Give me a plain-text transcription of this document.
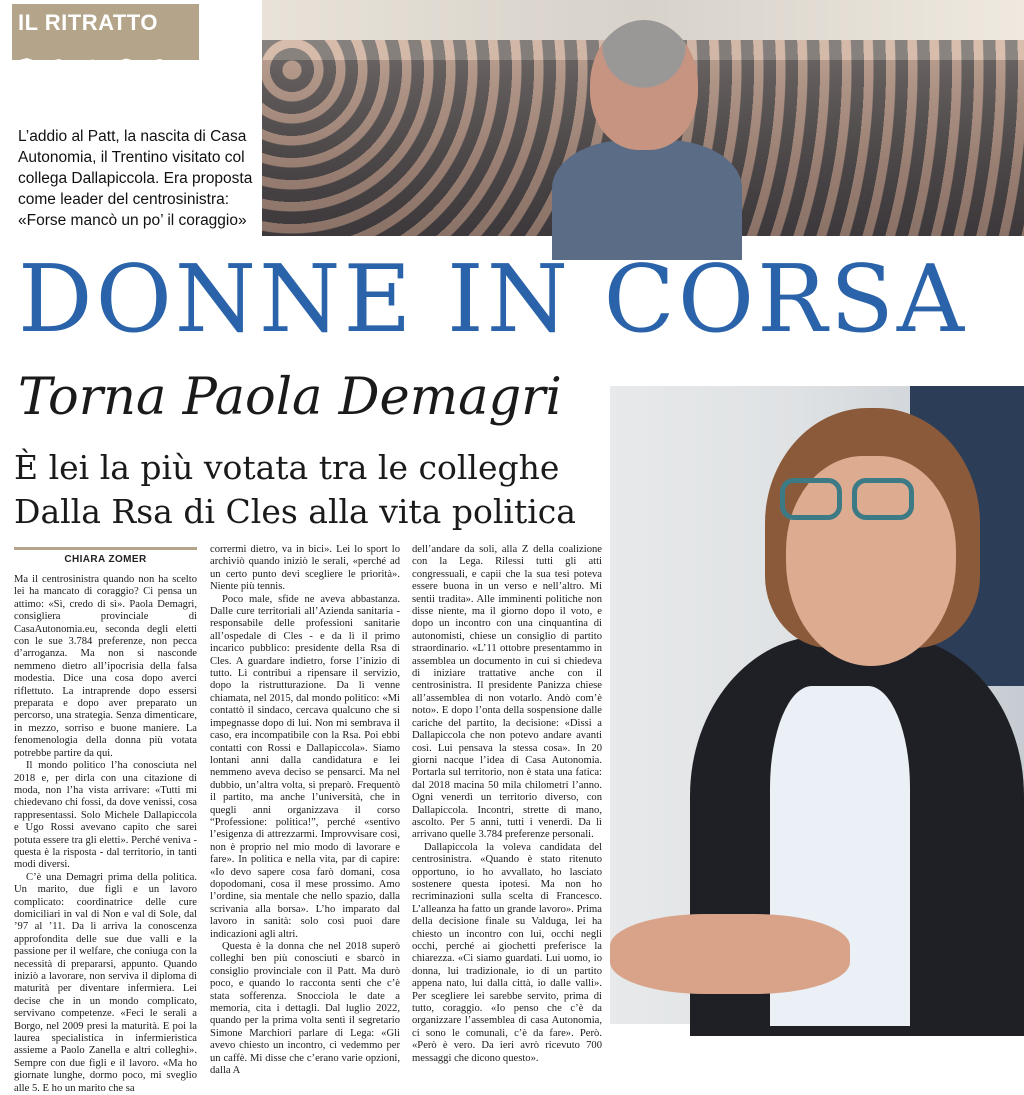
IL RITRATTO
L’addio al Patt, la nascita di Casa Autonomia, il Trentino visitato col collega Dallapiccola. Era proposta come leader del centrosinistra: «Forse mancò un po’ il coraggio»
DONNE IN CORSA
Torna Paola Demagri
È lei la più votata tra le colleghe
Dalla Rsa di Cles alla vita politica
CHIARA ZOMER

Ma il centrosinistra quando non ha scelto lei ha mancato di coraggio? Ci pensa un attimo: «Sì, credo di sì». Paola Demagri, consigliera provinciale di CasaAutonomia.eu, seconda degli eletti con le sue 3.784 preferenze, non pecca d’arroganza. Ma non si nasconde nemmeno dietro all’ipocrisia della falsa modestia. Dice una cosa dopo averci riflettuto. La intraprende dopo essersi preparata e dopo aver preparato un percorso, una strategia. Senza dimenticare, in mezzo, sorriso e buone maniere. La fenomenologia della donna più votata potrebbe partire da qui.

Il mondo politico l’ha conosciuta nel 2018 e, per dirla con una citazione di moda, non l’ha vista arrivare: «Tutti mi chiedevano chi fossi, da dove venissi, cosa rappresentassi. Solo Michele Dallapiccola e Ugo Rossi avevano capito che sarei potuta essere tra gli eletti». Perché veniva - questa è la risposta - dal territorio, in tanti modi diversi.

C’è una Demagri prima della politica. Un marito, due figli e un lavoro complicato: coordinatrice delle cure domiciliari in val di Non e val di Sole, dal ’97 al ’11. Da lì arriva la conoscenza approfondita delle sue due valli e la passione per il welfare, che coniuga con la necessità di prepararsi, appunto. Quando iniziò a lavorare, non serviva il diploma di maturità per diventare infermiera. Lei decise che in un mondo complicato, servivano competenze. «Feci le serali a Borgo, nel 2009 presi la maturità. E poi la laurea specialistica in infermieristica assieme a Paolo Zanella e altri colleghi». Sempre con due figli e il lavoro. «Ma ho giornate lunghe, dormo poco, mi sveglio alle 5. E ho un marito che sa

corrermi dietro, va in bici». Lei lo sport lo archiviò quando iniziò le serali, «perché ad un certo punto devi scegliere le priorità». Niente più tennis.

Poco male, sfide ne aveva abbastanza. Dalle cure territoriali all’Azienda sanitaria - responsabile delle professioni sanitarie all’ospedale di Cles - e da lì il primo incarico pubblico: presidente della Rsa di Cles. A guardare indietro, forse l’inizio di tutto. Lì contribuì a ripensare il servizio, dopo la ristrutturazione. Da lì venne chiamata, nel 2015, dal mondo politico: «Mi contattò il sindaco, cercava qualcuno che si impegnasse dopo di lui. Non mi sembrava il caso, era incompatibile con la Rsa. Poi ebbi contatti con Rossi e Dallapiccola». Siamo lontani anni dalla candidatura e lei nemmeno aveva deciso se pensarci. Ma nel dubbio, un’altra volta, si preparò. Frequentò il partito, ma anche l’università, che in quegli anni organizzava il corso “Professione: politica!”, perché «sentivo l’esigenza di attrezzarmi. Improvvisare così, non è proprio nel mio modo di lavorare e fare». In politica e nella vita, par di capire: «Io devo sapere cosa farò domani, cosa dopodomani, cosa il mese prossimo. Amo l’ordine, sia mentale che nello spazio, dalla scrivania alla borsa». L’ho imparato dal lavoro in sanità: solo così puoi dare indicazioni agli altri.

Questa è la donna che nel 2018 superò colleghi ben più conosciuti e sbarcò in consiglio provinciale con il Patt. Ma durò poco, e quando lo racconta senti che c’è stata sofferenza. Snocciola le date a memoria, cita i dettagli. Dal luglio 2022, quando per la prima volta sentì il segretario Simone Marchiori parlare di Lega: «Gli avevo chiesto un incontro, ci vedemmo per un caffè. Mi disse che c’erano varie opzioni, dalla A

dell’andare da soli, alla Z della coalizione con la Lega. Rilessi tutti gli atti congressuali, e capii che la sua tesi poteva essere buona in un verso e nell’altro. Mi sentii tradita». Alle imminenti politiche non disse niente, ma il giorno dopo il voto, e dopo un incontro con una cinquantina di autonomisti, chiese un consiglio di partito straordinario. «L’11 ottobre presentammo in assemblea un documento in cui si chiedeva di iniziare trattative anche con il centrosinistra. Il presidente Panizza chiese all’assemblea di non votarlo. Andò com’è noto». E dopo l’onta della sospensione dalle cariche del partito, la decisione: «Dissi a Dallapiccola che non potevo andare avanti così. Lui pensava la stessa cosa». In 20 giorni nacque l’idea di Casa Autonomia. Portarla sul territorio, non è stata una fatica: dal 2018 macina 50 mila chilometri l’anno. Ogni venerdì un territorio diverso, con Dallapiccola. Incontri, strette di mano, ascolto. Per 5 anni, tutti i venerdì. Da lì arrivano quelle 3.784 preferenze personali.

Dallapiccola la voleva candidata del centrosinistra. «Quando è stato ritenuto opportuno, io ho avvallato, ho lasciato sostenere questa ipotesi. Ma non ho recriminazioni sulla scelta di Francesco. L’alleanza ha fatto un grande lavoro». Prima della decisione finale su Valduga, lei ha chiesto un incontro con lui, occhi negli occhi, perché ai giochetti preferisce la chiarezza. «Ci siamo guardati. Lui uomo, io donna, lui tradizionale, io di un partito appena nato, lui dalla città, io dalle valli». Per scegliere lei sarebbe servito, prima di tutto, coraggio. «Io penso che c’è da organizzare l’assemblea di casa Autonomia, ci sono le comunali, c’è da fare». Però. «Però è vero. Da ieri avrò ricevuto 700 messaggi che dicono questo».
